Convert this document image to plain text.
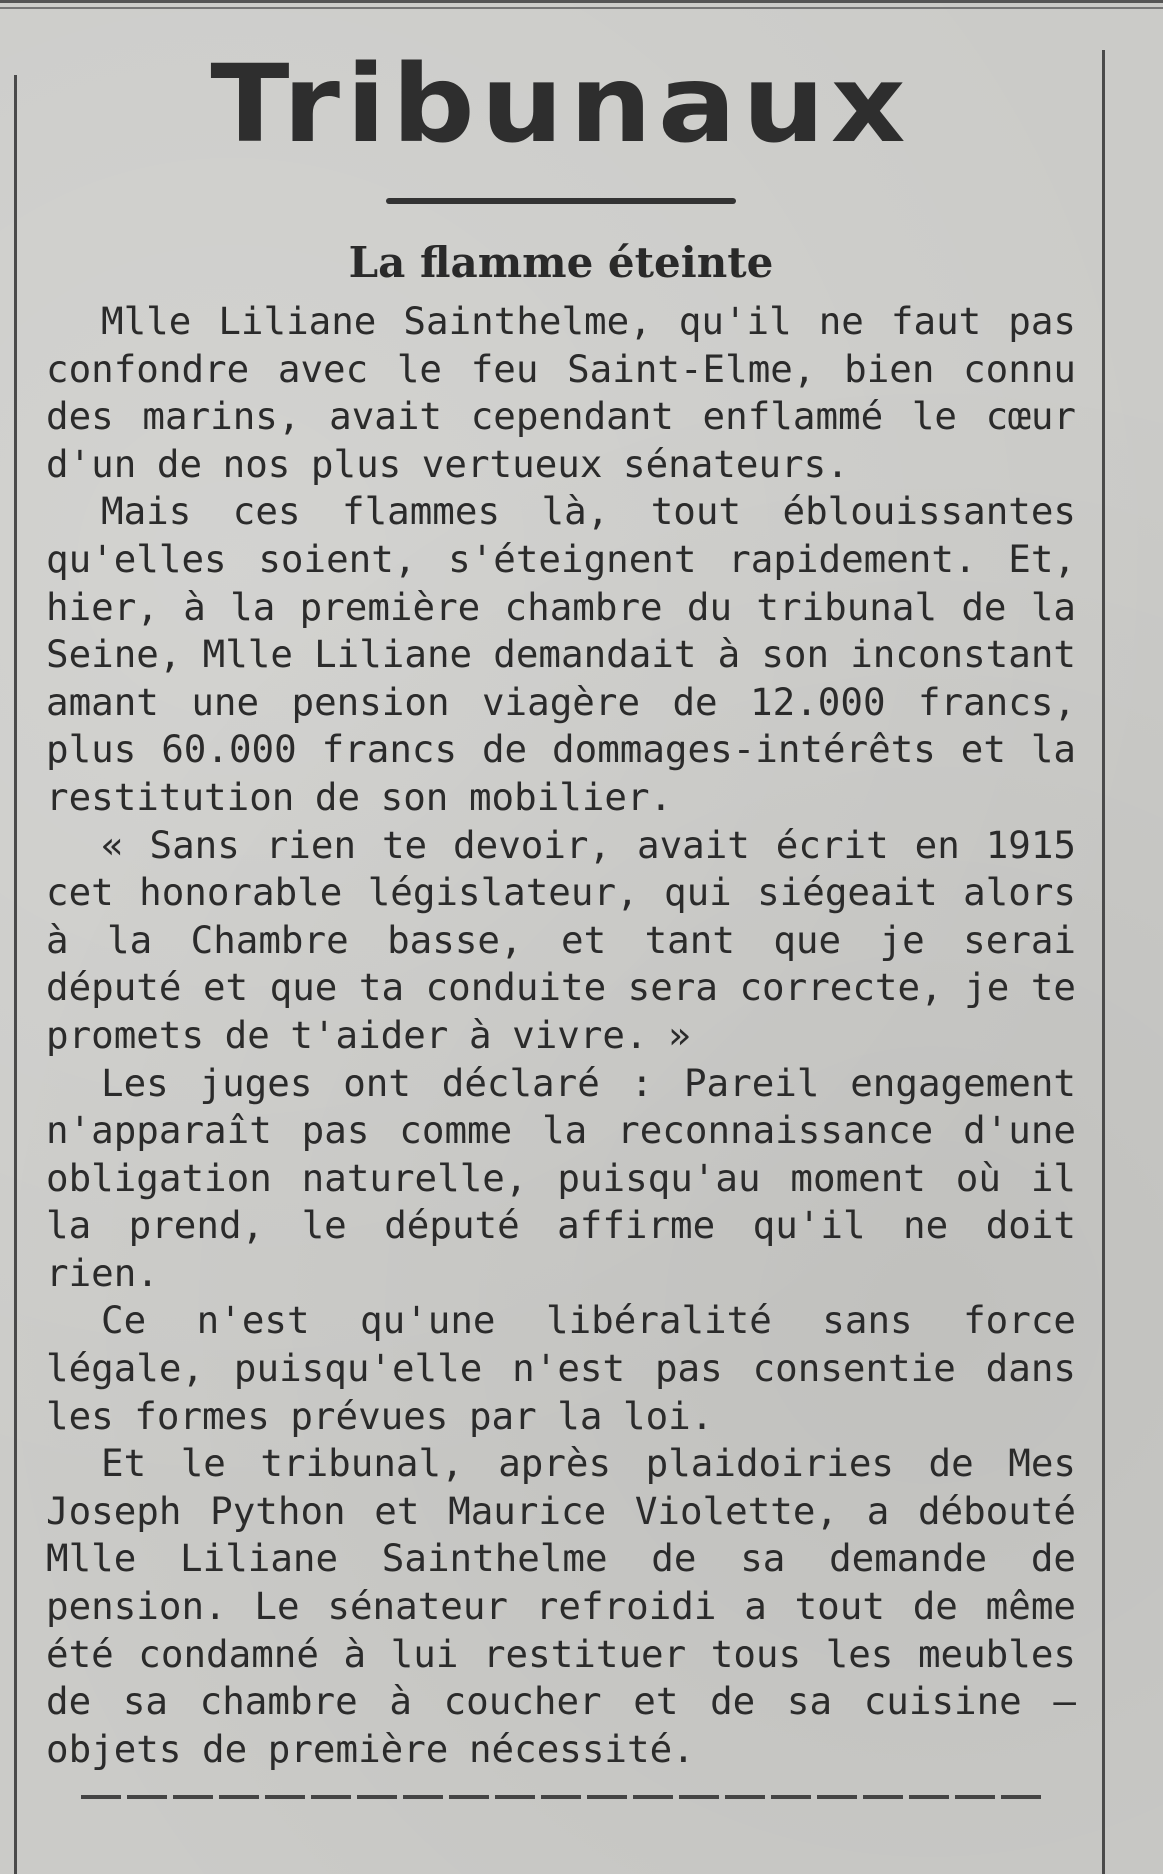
Tribunaux
La flamme éteinte

Mlle Liliane Sainthelme, qu'il ne faut pas confondre avec le feu Saint-Elme, bien connu des marins, avait cependant enflammé le cœur d'un de nos plus vertueux sénateurs.

Mais ces flammes là, tout éblouissantes qu'elles soient, s'éteignent rapidement. Et, hier, à la première chambre du tribunal de la Seine, Mlle Liliane demandait à son inconstant amant une pension viagère de 12.000 francs, plus 60.000 francs de dommages-intérêts et la restitution de son mobilier.

« Sans rien te devoir, avait écrit en 1915 cet honorable législateur, qui siégeait alors à la Chambre basse, et tant que je serai député et que ta conduite sera correcte, je te promets de t'aider à vivre. »

Les juges ont déclaré : Pareil engagement n'apparaît pas comme la reconnaissance d'une obligation naturelle, puisqu'au moment où il la prend, le député affirme qu'il ne doit rien.

Ce n'est qu'une libéralité sans force légale, puisqu'elle n'est pas consentie dans les formes prévues par la loi.

Et le tribunal, après plaidoiries de Mes Joseph Python et Maurice Violette, a débouté Mlle Liliane Sainthelme de sa demande de pension. Le sénateur refroidi a tout de même été condamné à lui restituer tous les meubles de sa chambre à coucher et de sa cuisine — objets de première nécessité.
